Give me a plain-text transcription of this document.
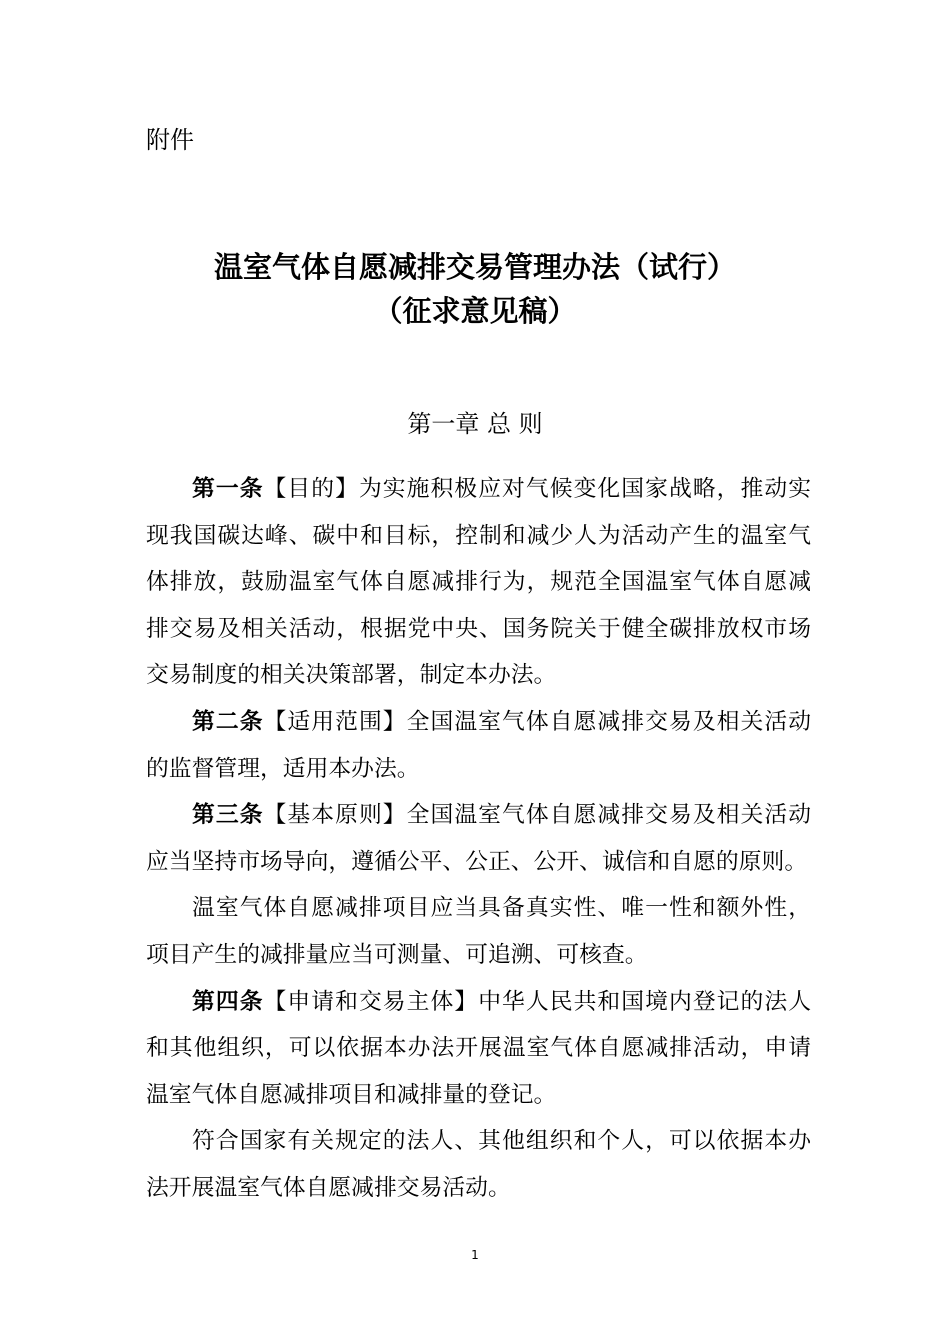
附件
温室气体自愿减排交易管理办法（试行）
（征求意见稿）
第一章 总 则
第一条【目的】为实施积极应对气候变化国家战略，推动实
现我国碳达峰、碳中和目标，控制和减少人为活动产生的温室气
体排放，鼓励温室气体自愿减排行为，规范全国温室气体自愿减
排交易及相关活动，根据党中央、国务院关于健全碳排放权市场
交易制度的相关决策部署，制定本办法。
第二条【适用范围】全国温室气体自愿减排交易及相关活动
的监督管理，适用本办法。
第三条【基本原则】全国温室气体自愿减排交易及相关活动
应当坚持市场导向，遵循公平、公正、公开、诚信和自愿的原则。
温室气体自愿减排项目应当具备真实性、唯一性和额外性，
项目产生的减排量应当可测量、可追溯、可核查。
第四条【申请和交易主体】中华人民共和国境内登记的法人
和其他组织，可以依据本办法开展温室气体自愿减排活动，申请
温室气体自愿减排项目和减排量的登记。
符合国家有关规定的法人、其他组织和个人，可以依据本办
法开展温室气体自愿减排交易活动。
1
